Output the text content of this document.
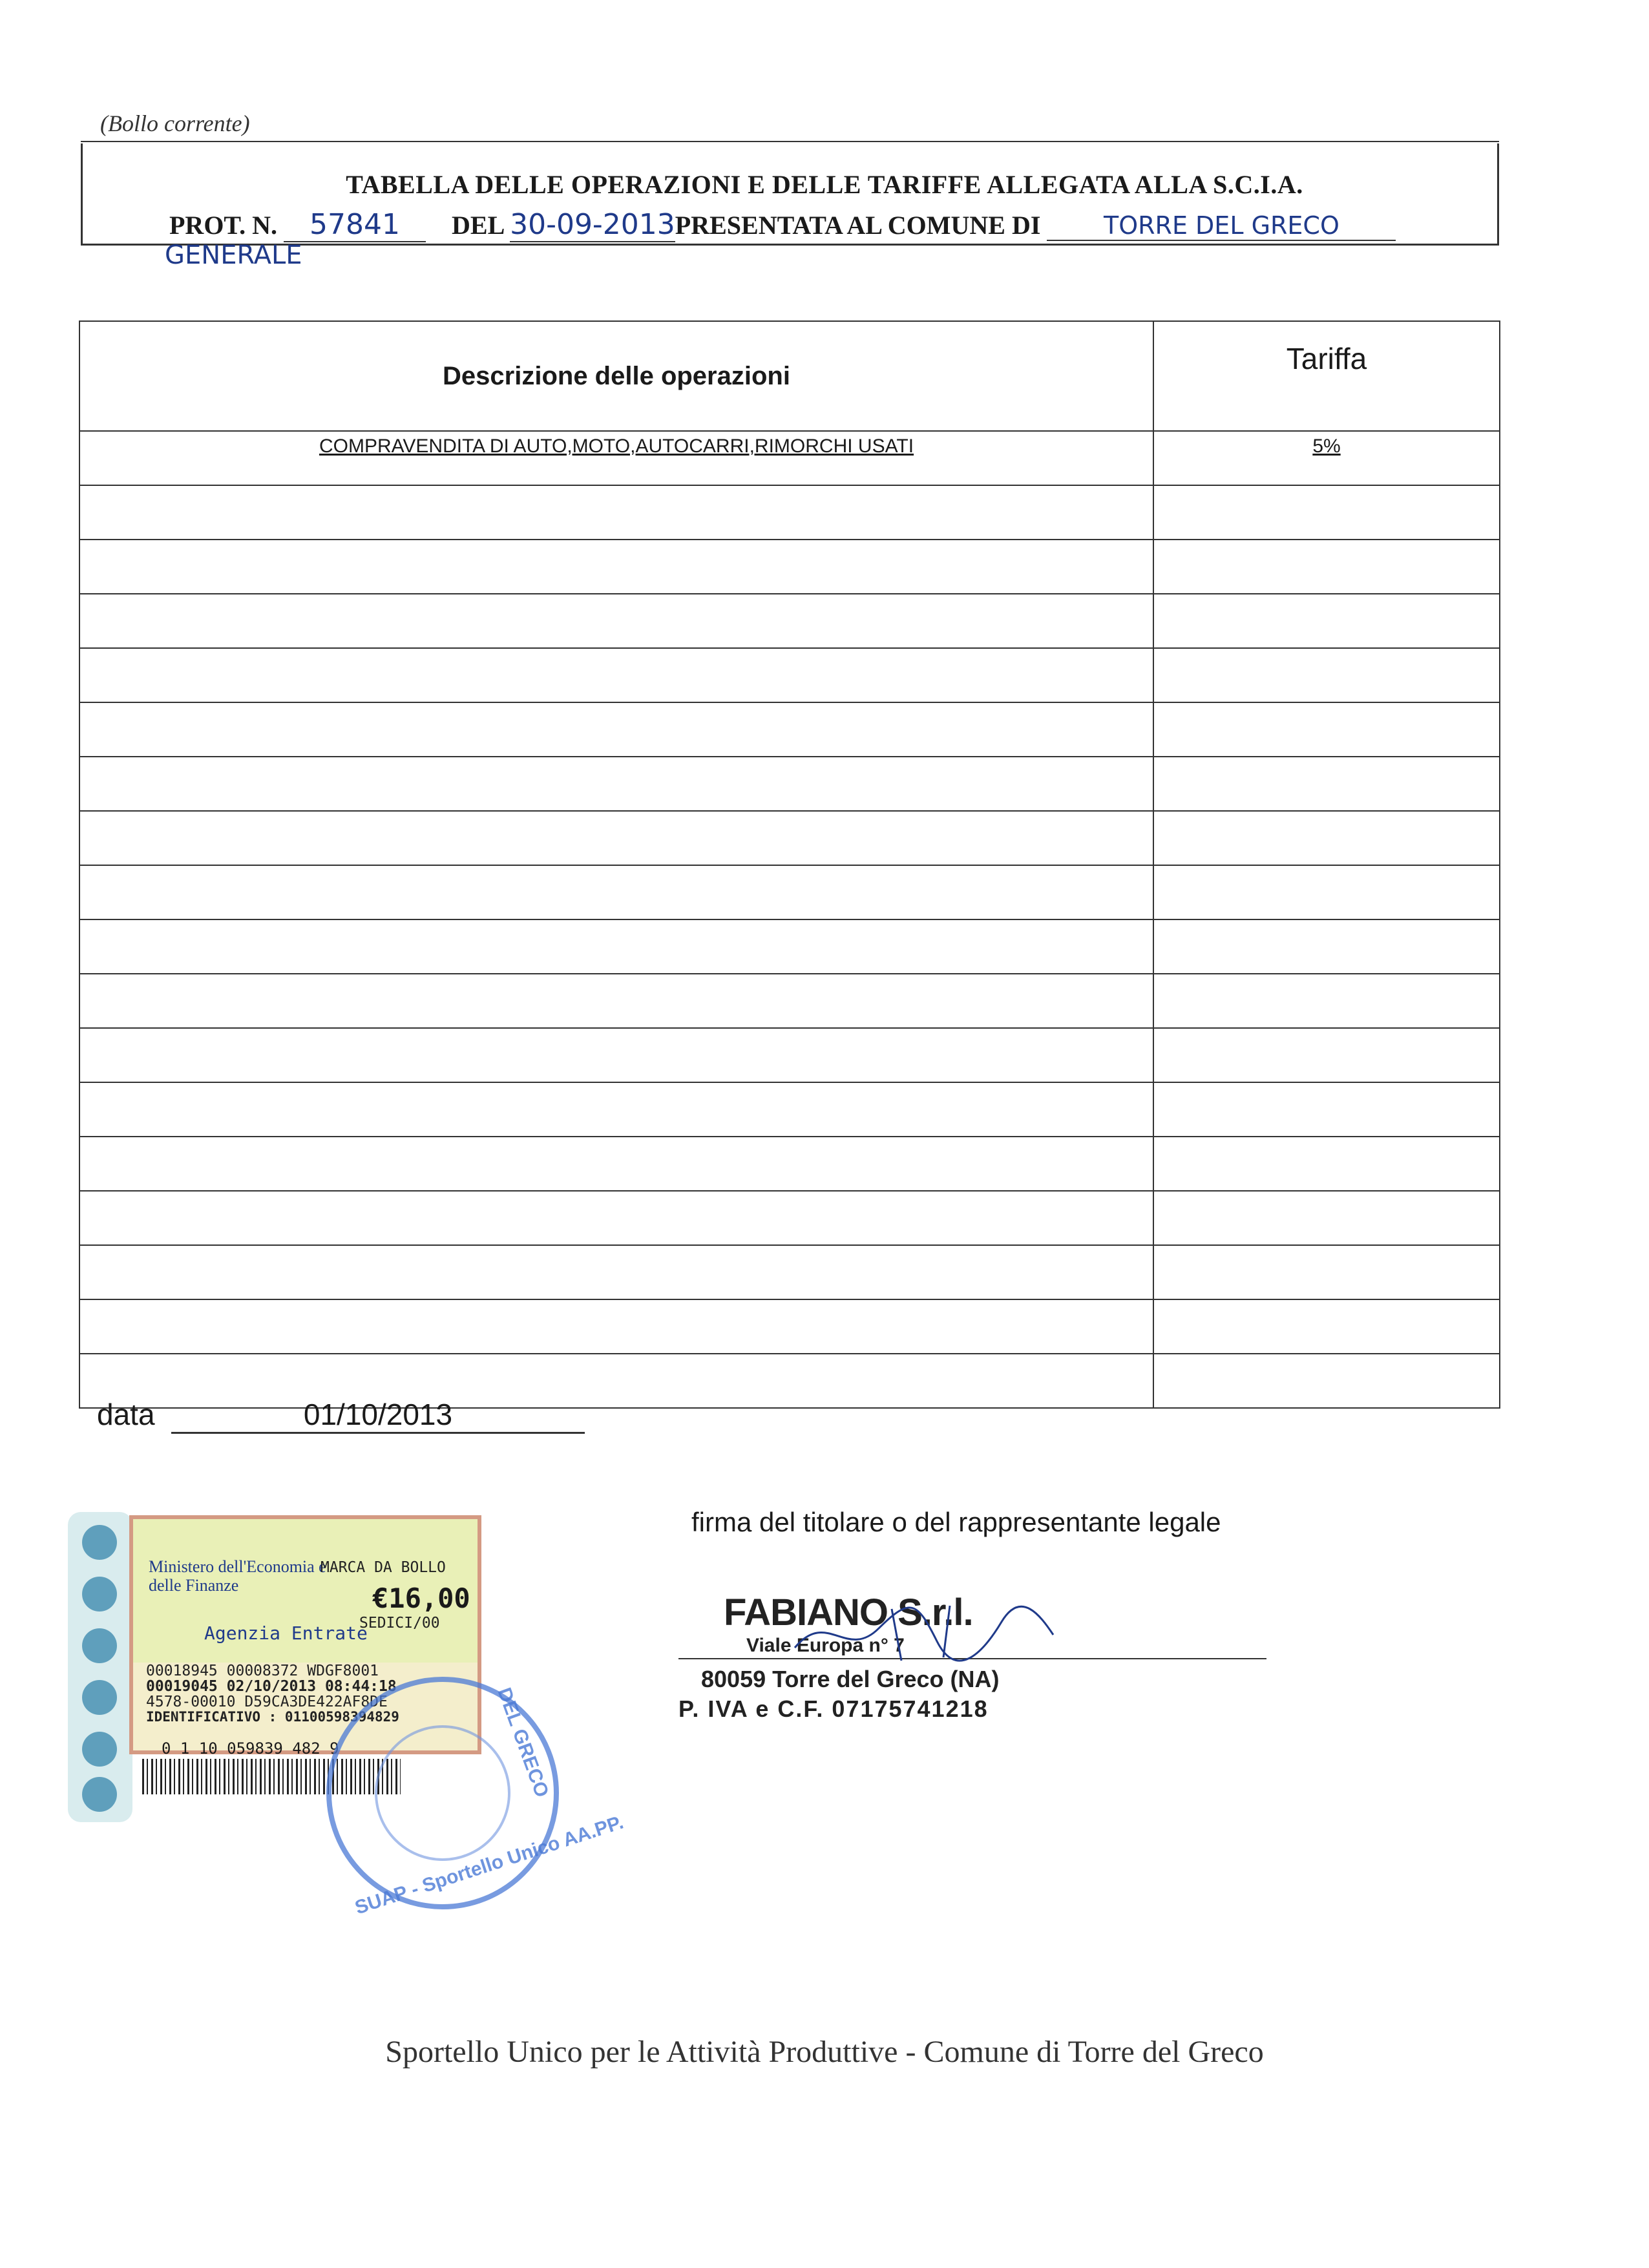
(Bollo corrente)
TABELLA DELLE OPERAZIONI E DELLE TARIFFE ALLEGATA ALLA S.C.I.A.
PROT. N. 57841 DEL 30-09-2013PRESENTATA AL COMUNE DI	TORRE DEL GRECO
GENERALE
Descrizione delle operazioni	Tariffa
COMPRAVENDITA DI AUTO,MOTO,AUTOCARRI,RIMORCHI USATI	5%

data	01/10/2013
firma del titolare o del rappresentante legale
FABIANO S.r.l.
Viale Europa n° 7
80059 Torre del Greco (NA)
P. IVA e C.F. 07175741218
Ministero dell'Economia e delle Finanze
MARCA DA BOLLO
€16,00
SEDICI/00
Agenzia Entrate
00018945 00008372 WDGF8001
00019045 02/10/2013 08:44:18
4578-00010 D59CA3DE422AF8DE
IDENTIFICATIVO : 01100598394829
0 1 10 059839 482 9
SUAP - Sportello Unico AA.PP.
DEL GRECO
Sportello Unico per le Attività Produttive - Comune di Torre del Greco
